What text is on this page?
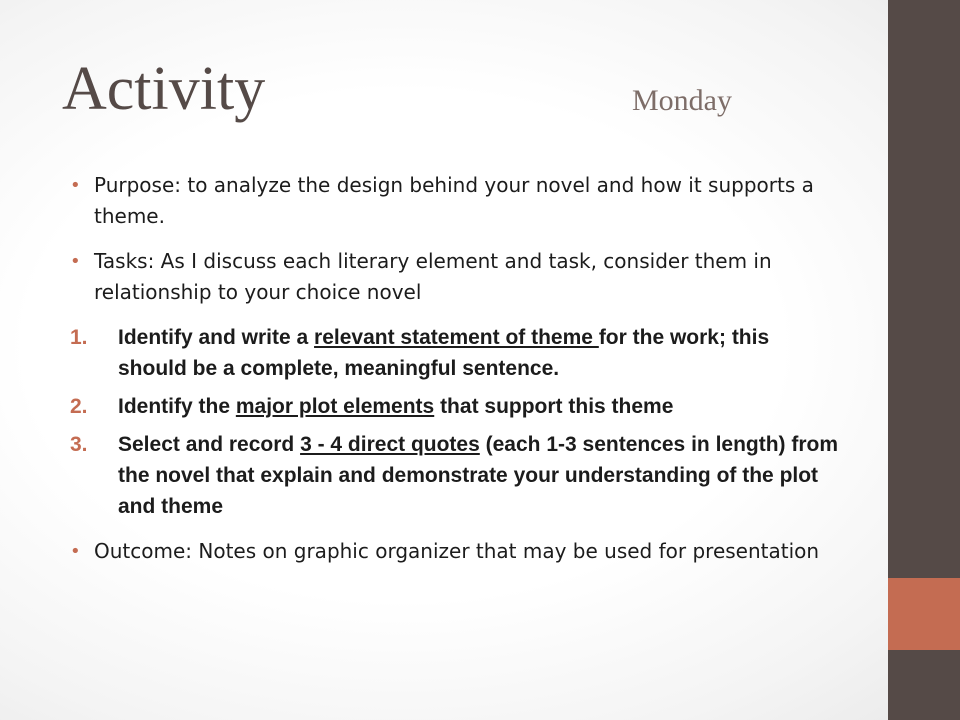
Activity	Monday
• Purpose: to analyze the design behind your novel and how it supports a theme.
• Tasks: As I discuss each literary element and task, consider them in relationship to your choice novel
1. Identify and write a relevant statement of theme for the work; this should be a complete, meaningful sentence.
2. Identify the major plot elements that support this theme
3. Select and record 3 - 4 direct quotes (each 1-3 sentences in length) from the novel that explain and demonstrate your understanding of the plot and theme
• Outcome: Notes on graphic organizer that may be used for presentation
